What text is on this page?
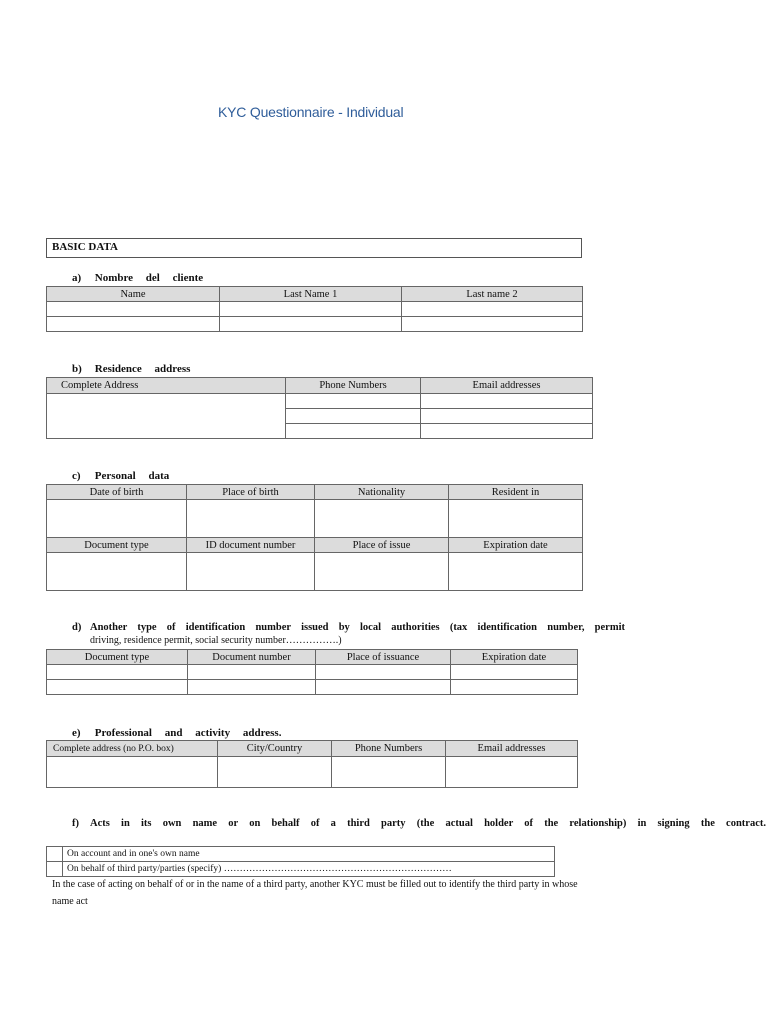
KYC Questionnaire - Individual
BASIC DATA
a) Nombre del cliente
Name	Last Name 1	Last name 2

b) Residence address
Complete Address	Phone Numbers	Email addresses

c) Personal data
Date of birth	Place of birth	Nationality	Resident in

Document type	ID document number	Place of issue	Expiration date

d) Another type of identification number issued by local authorities (tax identification number, permit
driving, residence permit, social security number…………….)
Document type	Document number	Place of issuance	Expiration date

e) Professional and activity address.
Complete address (no P.O. box)	City/Country	Phone Numbers	Email addresses

f) Acts in its own name or on behalf of a third party (the actual holder of the relationship) in signing the contract.
	On account and in one's own name
	On behalf of third party/parties (specify) ………………………………………………………………
In the case of acting on behalf of or in the name of a third party, another KYC must be filled out to identify the third party in whose
name act
